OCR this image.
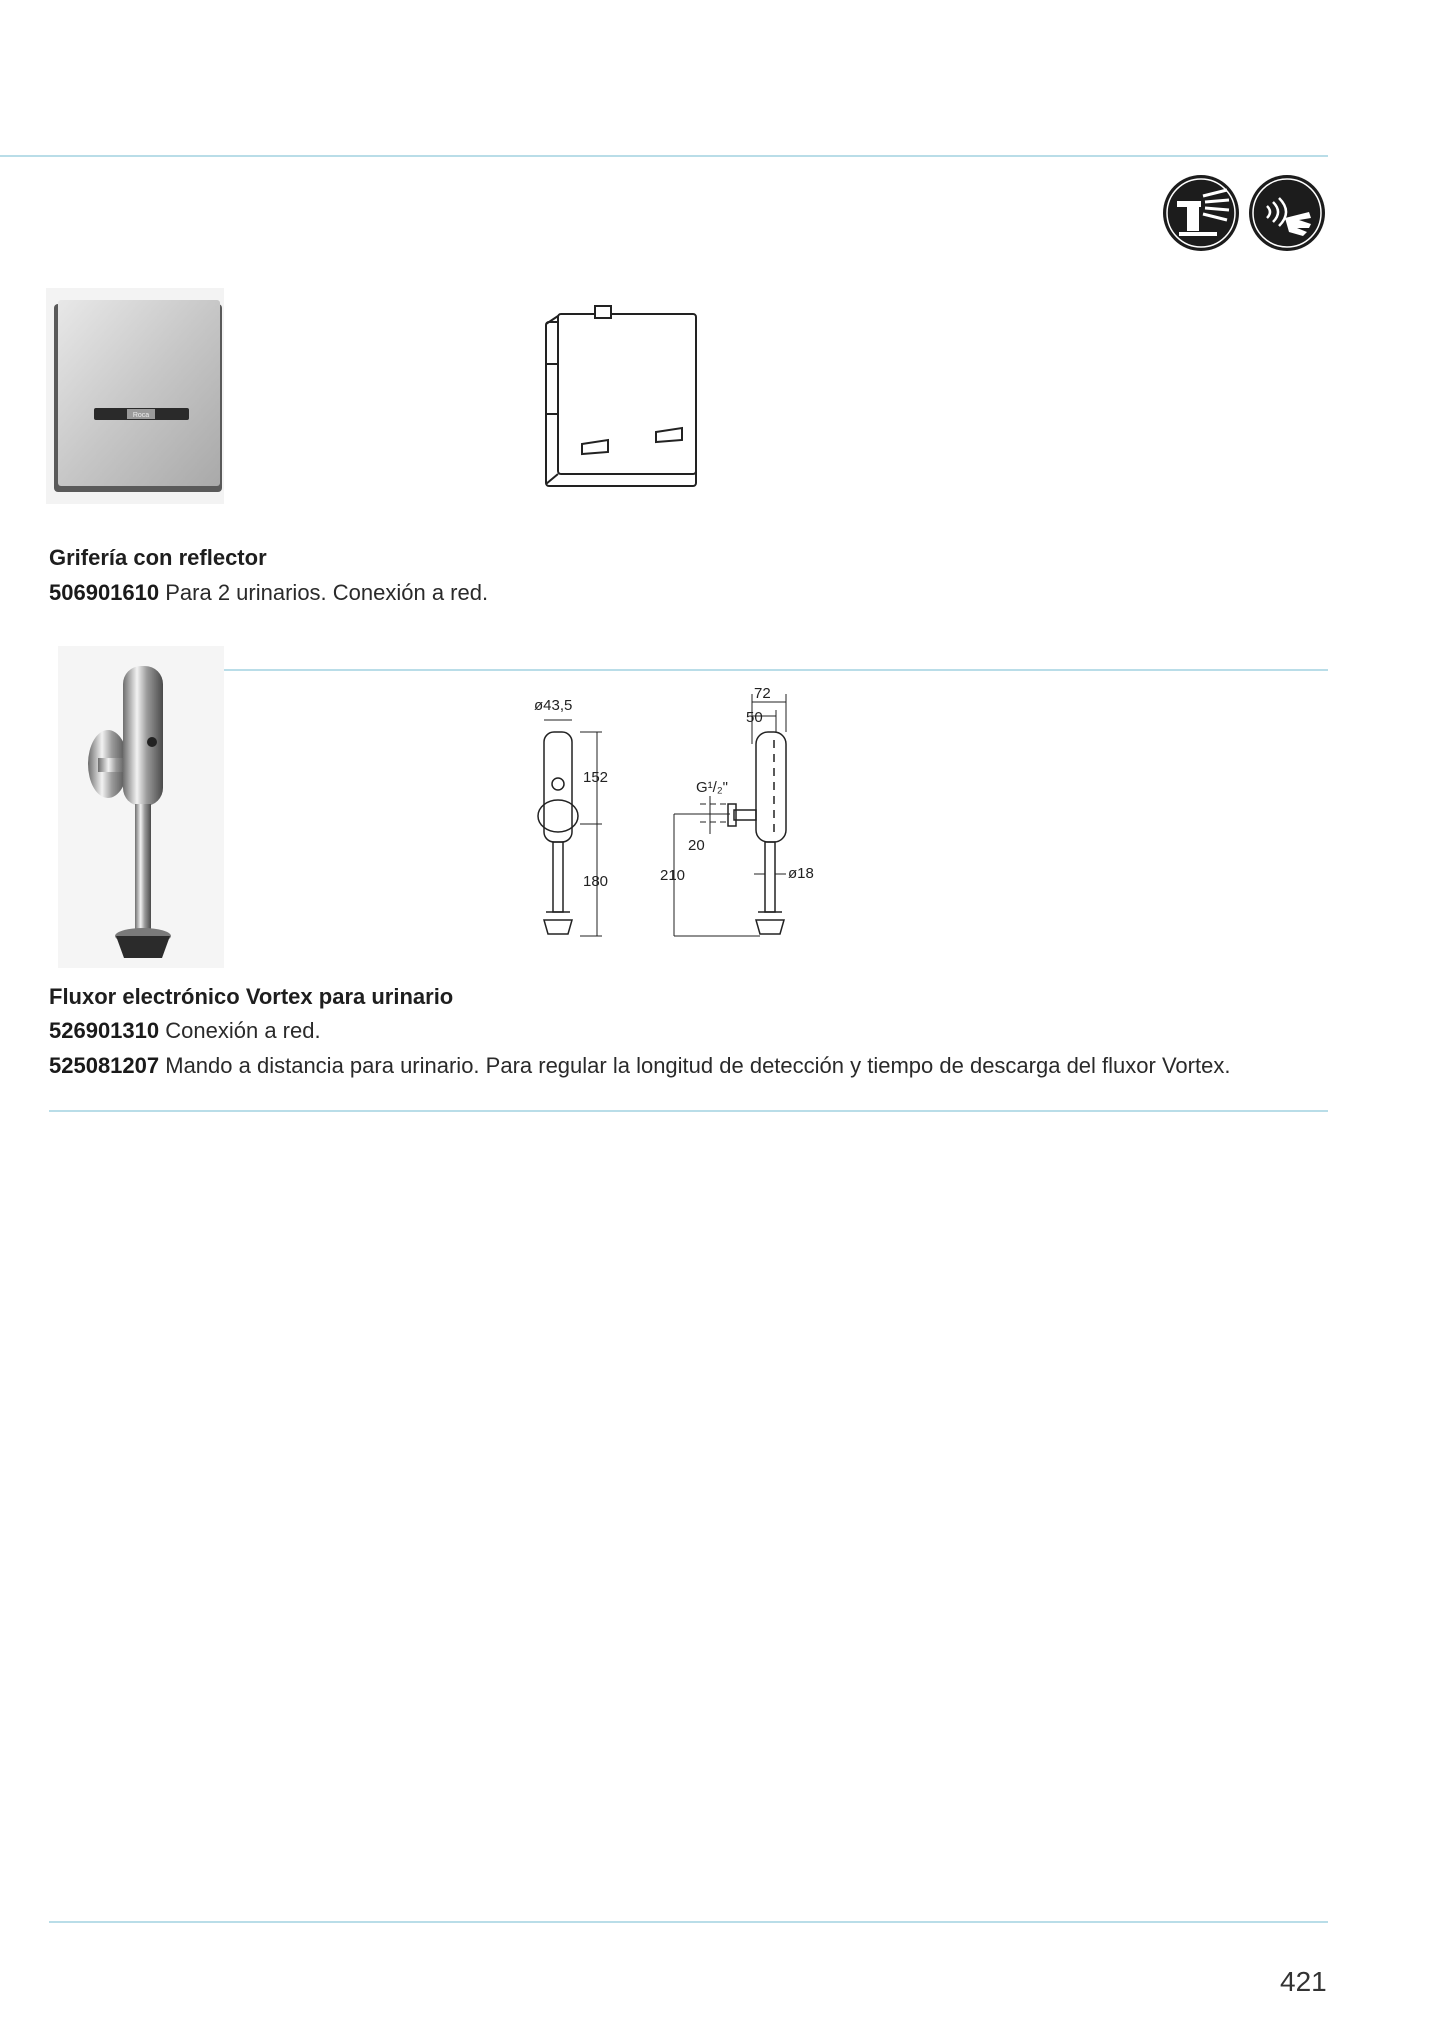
Roca
Grifería con reflector
506901610 Para 2 urinarios. Conexión a red.
ø43,5
152
180
72
50
G¹/₂"
20
210	ø18
Fluxor electrónico Vortex para urinario
526901310 Conexión a red.
525081207 Mando a distancia para urinario. Para regular la longitud de detección y tiempo de descarga del fluxor Vortex.
421
